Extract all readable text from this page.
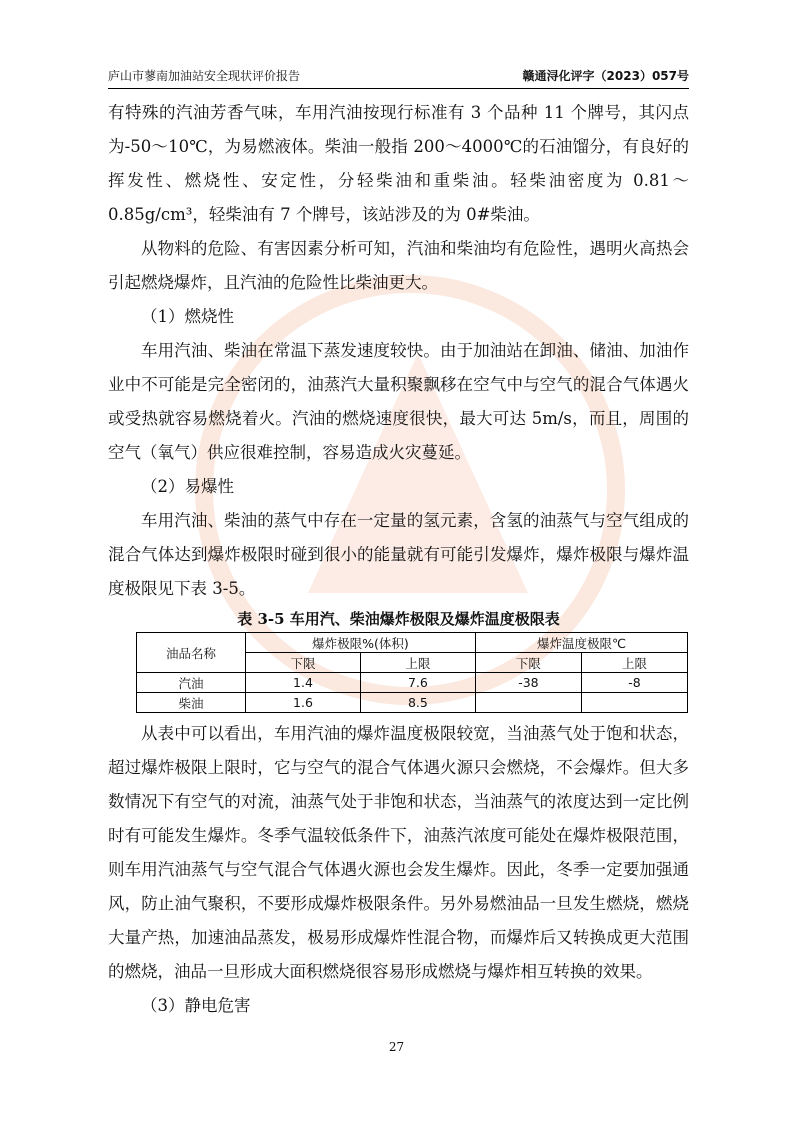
庐山市蓼南加油站安全现状评价报告	赣通浔化评字（2023）057号

有特殊的汽油芳香气味，车用汽油按现行标准有 3 个品种 11 个牌号，其闪点为-50～10℃，为易燃液体。柴油一般指 200～4000℃的石油馏分，有良好的挥发性、燃烧性、安定性，分轻柴油和重柴油。轻柴油密度为 0.81～0.85g/cm³，轻柴油有 7 个牌号，该站涉及的为 0#柴油。

从物料的危险、有害因素分析可知，汽油和柴油均有危险性，遇明火高热会引起燃烧爆炸，且汽油的危险性比柴油更大。

（1）燃烧性

车用汽油、柴油在常温下蒸发速度较快。由于加油站在卸油、储油、加油作业中不可能是完全密闭的，油蒸汽大量积聚飘移在空气中与空气的混合气体遇火或受热就容易燃烧着火。汽油的燃烧速度很快，最大可达 5m/s，而且，周围的空气（氧气）供应很难控制，容易造成火灾蔓延。

（2）易爆性

车用汽油、柴油的蒸气中存在一定量的氢元素，含氢的油蒸气与空气组成的混合气体达到爆炸极限时碰到很小的能量就有可能引发爆炸，爆炸极限与爆炸温度极限见下表 3-5。

表 3-5 车用汽、柴油爆炸极限及爆炸温度极限表
油品名称	爆炸极限%(体积)		爆炸温度极限℃	
	下限	上限	下限	上限
汽油	1.4	7.6	-38	-8
柴油	1.6	8.5		

从表中可以看出，车用汽油的爆炸温度极限较宽，当油蒸气处于饱和状态，超过爆炸极限上限时，它与空气的混合气体遇火源只会燃烧，不会爆炸。但大多数情况下有空气的对流，油蒸气处于非饱和状态，当油蒸气的浓度达到一定比例时有可能发生爆炸。冬季气温较低条件下，油蒸汽浓度可能处在爆炸极限范围，则车用汽油蒸气与空气混合气体遇火源也会发生爆炸。因此，冬季一定要加强通风，防止油气聚积，不要形成爆炸极限条件。另外易燃油品一旦发生燃烧，燃烧大量产热，加速油品蒸发，极易形成爆炸性混合物，而爆炸后又转换成更大范围的燃烧，油品一旦形成大面积燃烧很容易形成燃烧与爆炸相互转换的效果。

（3）静电危害

27
